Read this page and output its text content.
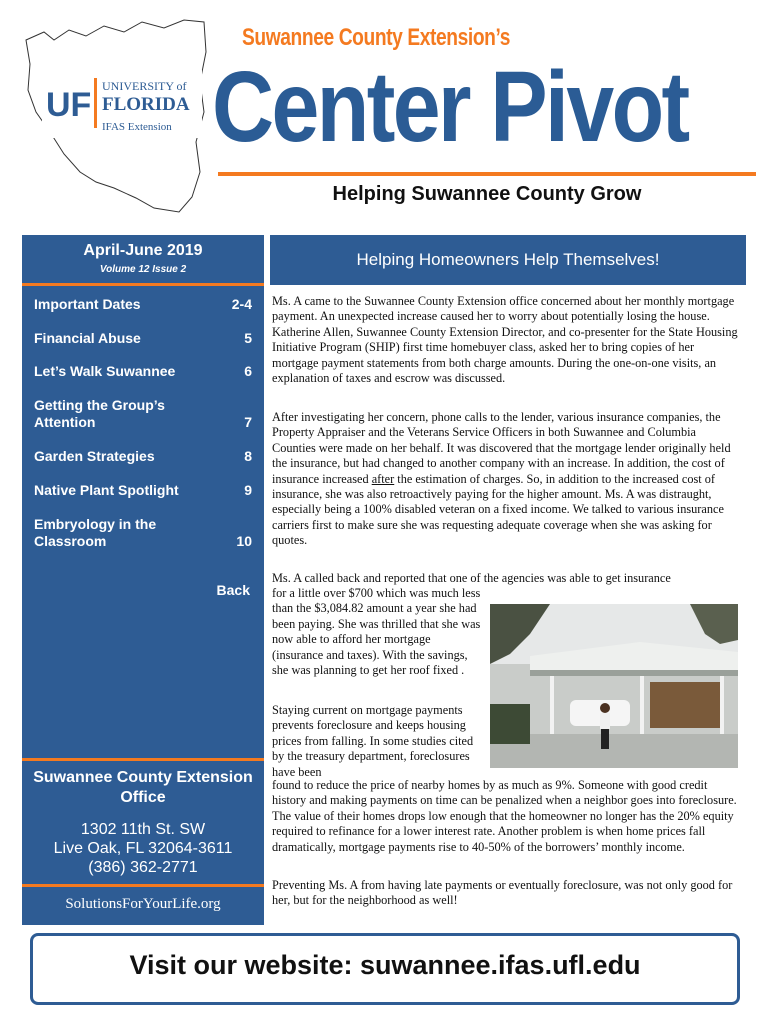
UF UNIVERSITY of
FLORIDA
IFAS Extension
Suwannee County Extension’s
Center Pivot
Helping Suwannee County Grow
April-June 2019
Volume 12 Issue 2
Important Dates	2-4
Financial Abuse	5
Let’s Walk Suwannee	6
Getting the Group’s Attention	7
Garden Strategies	8
Native Plant Spotlight	9
Embryology in the Classroom	10
Back
Suwannee County Extension Office
1302 11th St. SW
Live Oak, FL 32064-3611
(386) 362-2771
SolutionsForYourLife.org
Helping Homeowners Help Themselves!

Ms. A came to the Suwannee County Extension office concerned about her monthly mortgage payment. An unexpected increase caused her to worry about potentially losing the house. Katherine Allen, Suwannee County Extension Director, and co-presenter for the State Housing Initiative Program (SHIP) first time homebuyer class, asked her to bring copies of her mortgage payment statements from both charge amounts. During the one-on-one visits, an explanation of taxes and escrow was discussed.

After investigating her concern, phone calls to the lender, various insurance companies, the Property Appraiser and the Veterans Service Officers in both Suwannee and Columbia Counties were made on her behalf. It was discovered that the mortgage lender originally held the insurance, but had changed to another company with an increase. In addition, the cost of insurance increased after the estimation of charges. So, in addition to the increased cost of insurance, she was also retroactively paying for the higher amount. Ms. A was distraught, especially being a 100% disabled veteran on a fixed income. We talked to various insurance carriers first to make sure she was requesting adequate coverage when she was asking for quotes.

Ms. A called back and reported that one of the agencies was able to get insurance

for a little over $700 which was much less than the $3,084.82 amount a year she had been paying. She was thrilled that she was now able to afford her mortgage (insurance and taxes). With the savings, she was planning to get her roof fixed .

Staying current on mortgage payments prevents foreclosure and keeps housing prices from falling. In some studies cited by the treasury department, foreclosures have been

found to reduce the price of nearby homes by as much as 9%. Someone with good credit history and making payments on time can be penalized when a neighbor goes into foreclosure. The value of their homes drops low enough that the homeowner no longer has the 20% equity required to refinance for a lower interest rate. Another problem is when home prices fall dramatically, mortgage payments rise to 40-50% of the borrowers’ monthly income.

Preventing Ms. A from having late payments or eventually foreclosure, was not only good for her, but for the neighborhood as well!

Visit our website: suwannee.ifas.ufl.edu
